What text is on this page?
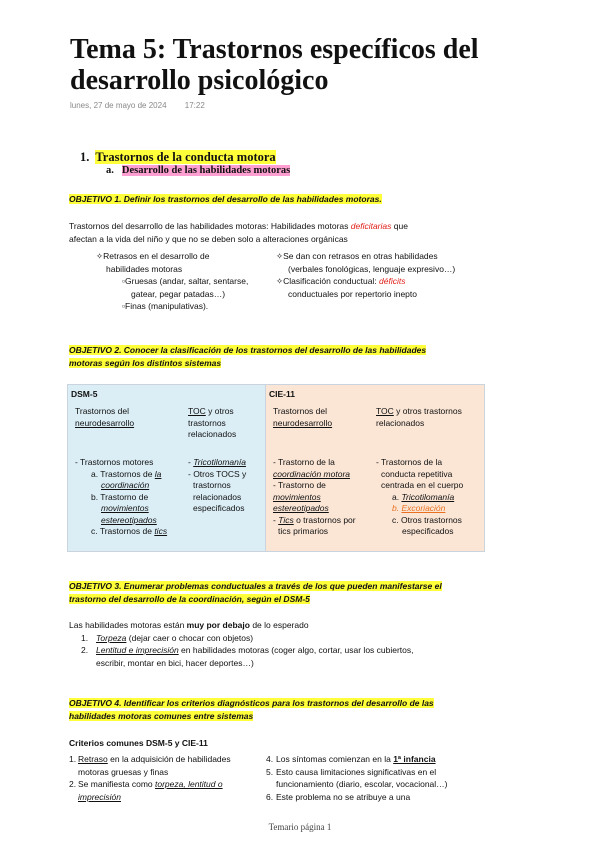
Tema 5: Trastornos específicos del desarrollo psicológico
lunes, 27 de mayo de 2024 17:22
1. Trastornos de la conducta motora
a. Desarrollo de las habilidades motoras
OBJETIVO 1. Definir los trastornos del desarrollo de las habilidades motoras.
Trastornos del desarrollo de las habilidades motoras: Habilidades motoras deficitarias que
afectan a la vida del niño y que no se deben solo a alteraciones orgánicas
✧Retrasos en el desarrollo de
habilidades motoras
▫Gruesas (andar, saltar, sentarse,
gatear, pegar patadas…)
▫Finas (manipulativas).
✧Se dan con retrasos en otras habilidades
(verbales fonológicas, lenguaje expresivo…)
✧Clasificación conductual: déficits
conductuales por repertorio inepto
OBJETIVO 2. Conocer la clasificación de los trastornos del desarrollo de las habilidades
motoras según los distintos sistemas
DSM-5
Trastornos del
neurodesarrollo
TOC y otros
trastornos
relacionados
- Trastornos motores
a. Trastornos de la
coordinación
b. Trastorno de
movimientos
estereotipados
c. Trastornos de tics
- Tricotilomanía
- Otros TOCS y
trastornos
relacionados
especificados
CIE-11
Trastornos del
neurodesarrollo
TOC y otros trastornos
relacionados
- Trastorno de la
coordinación motora
- Trastorno de
movimientos
estereotipados
- Tics o trastornos por
tics primarios
- Trastornos de la
conducta repetitiva
centrada en el cuerpo
a. Tricotilomanía
b. Excoriación
c. Otros trastornos
especificados
OBJETIVO 3. Enumerar problemas conductuales a través de los que pueden manifestarse el
trastorno del desarrollo de la coordinación, según el DSM-5
Las habilidades motoras están muy por debajo de lo esperado
1. Torpeza (dejar caer o chocar con objetos)
2. Lentitud e imprecisión en habilidades motoras (coger algo, cortar, usar los cubiertos,
escribir, montar en bici, hacer deportes…)
OBJETIVO 4. Identificar los criterios diagnósticos para los trastornos del desarrollo de las
habilidades motoras comunes entre sistemas
Criterios comunes DSM-5 y CIE-11
1. Retraso en la adquisición de habilidades
motoras gruesas y finas
2. Se manifiesta como torpeza, lentitud o
imprecisión
4. Los síntomas comienzan en la 1ª infancia
5. Esto causa limitaciones significativas en el
funcionamiento (diario, escolar, vocacional…)
6. Este problema no se atribuye a una
Temario página 1
